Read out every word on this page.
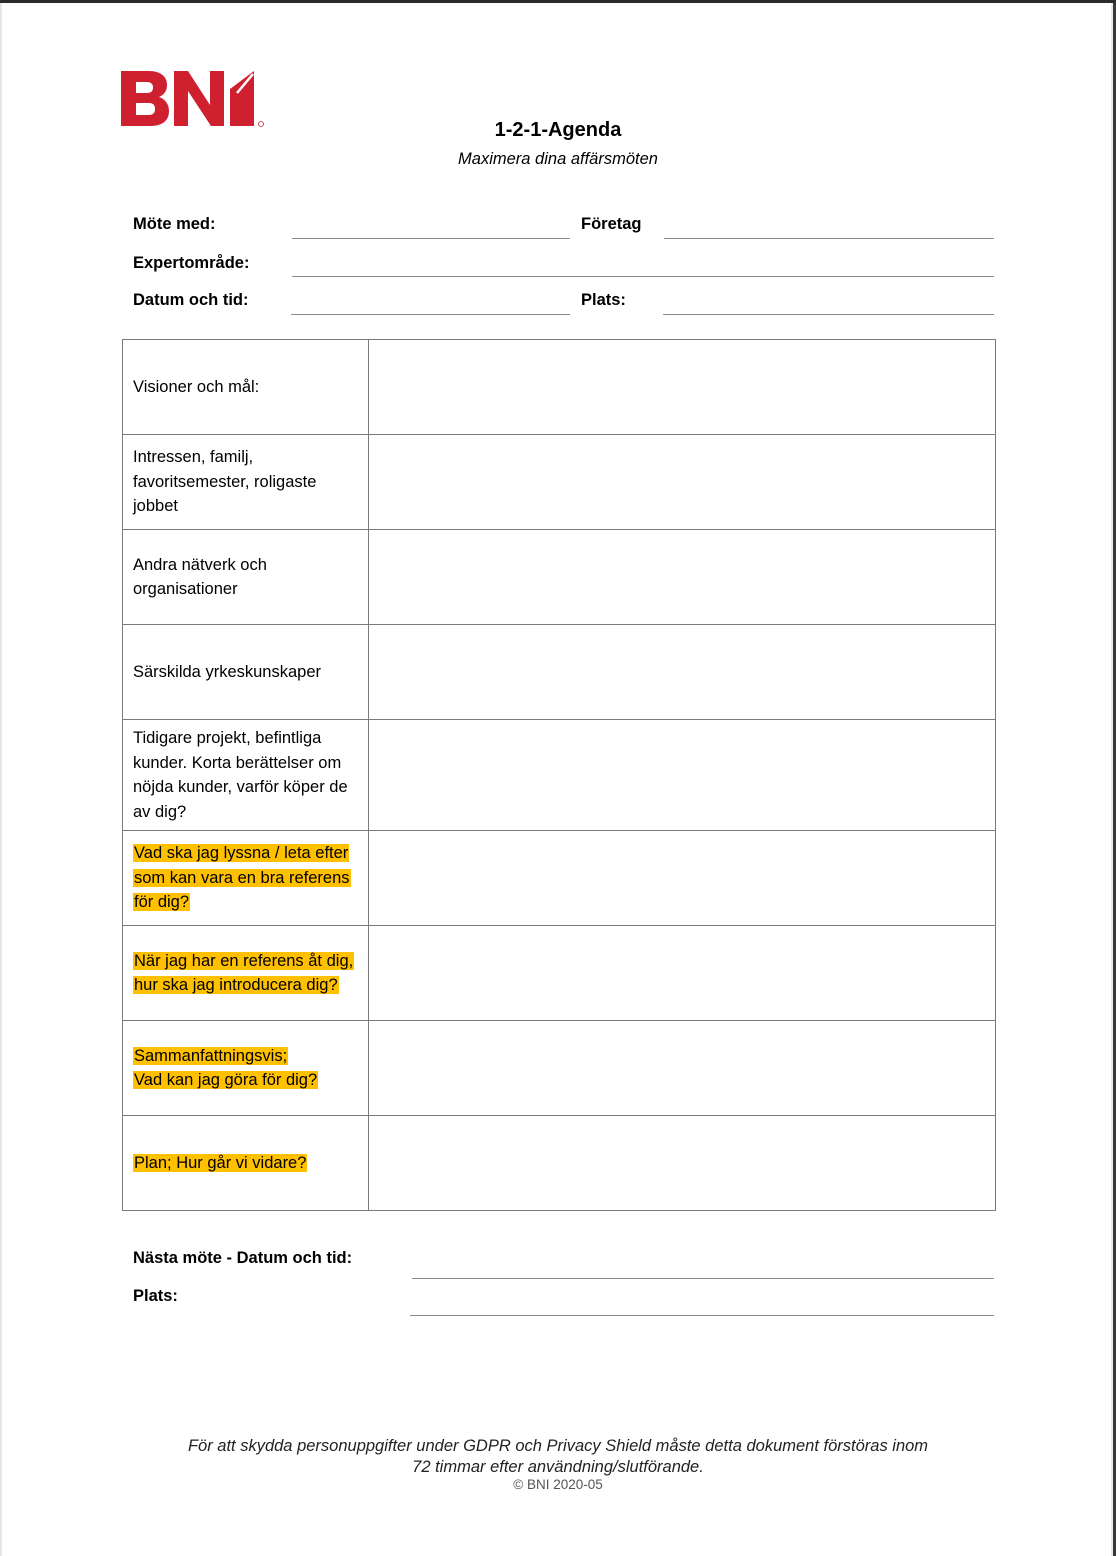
1-2-1-Agenda
Maximera dina affärsmöten
Möte med:	Företag
Expertområde:
Datum och tid:	Plats:
Visioner och mål:	
Intressen, familj, favoritsemester, roligaste jobbet	
Andra nätverk och organisationer	
Särskilda yrkeskunskaper	
Tidigare projekt, befintliga kunder. Korta berättelser om nöjda kunder, varför köper de av dig?	
Vad ska jag lyssna / leta efter som kan vara en bra referens för dig?	
När jag har en referens åt dig, hur ska jag introducera dig?	
Sammanfattningsvis;
Vad kan jag göra för dig?	
Plan; Hur går vi vidare?	
Nästa möte - Datum och tid:
Plats:
För att skydda personuppgifter under GDPR och Privacy Shield måste detta dokument förstöras inom
72 timmar efter användning/slutförande.
© BNI 2020-05
